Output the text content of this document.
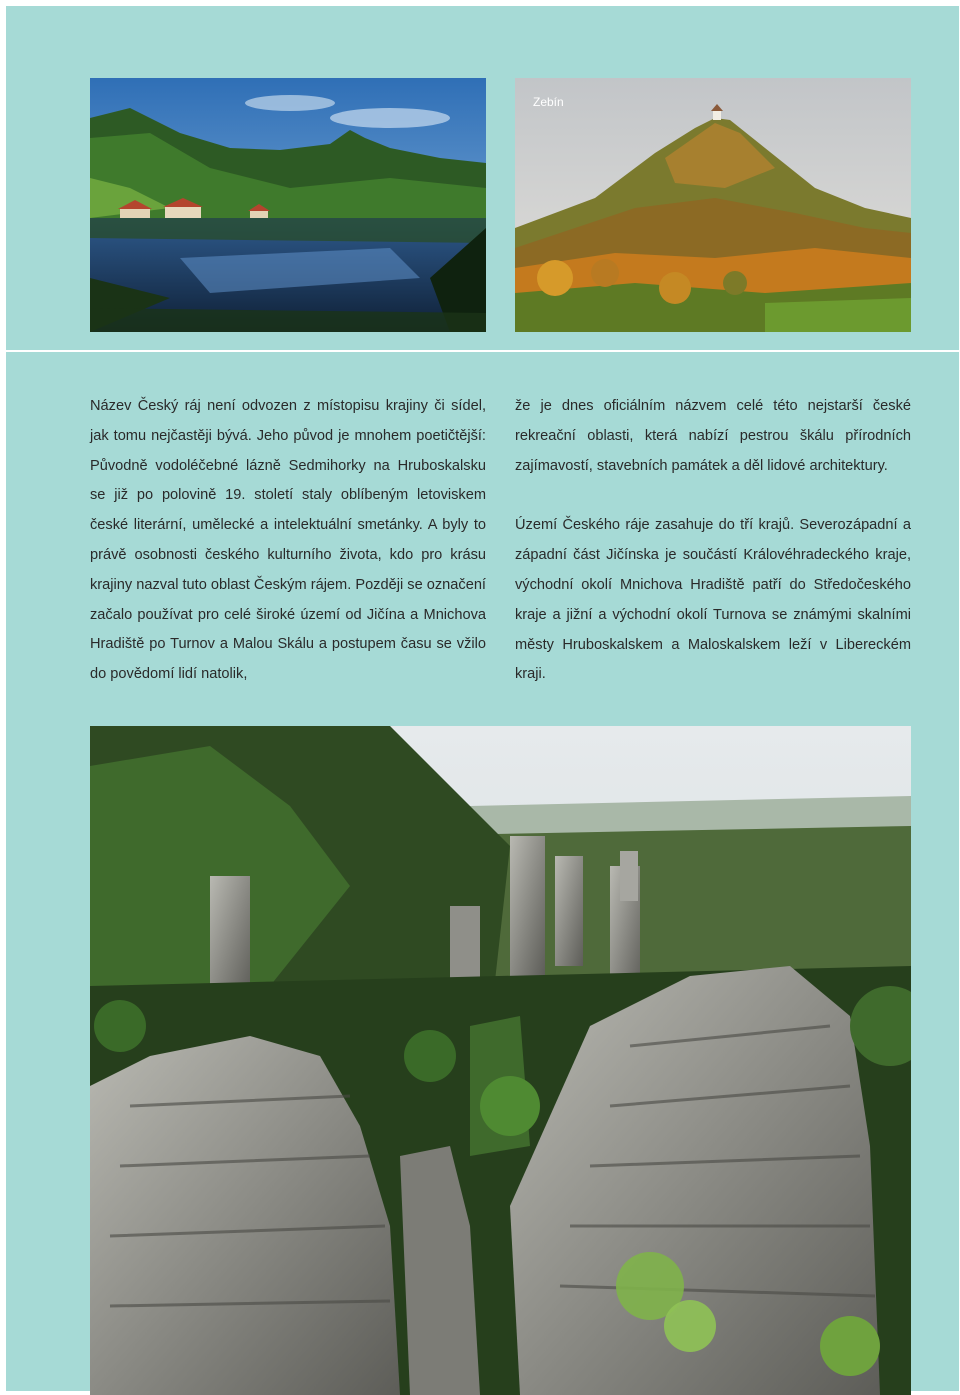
Zebín

Název Český ráj není odvozen z místopisu krajiny či sídel, jak tomu nejčastěji bývá. Jeho původ je mnohem poetičtější: Původně vodoléčebné lázně Sedmihorky na Hruboskalsku se již po polovině 19. století staly oblíbeným letoviskem české literární, umělecké a intelektuální smetánky. A byly to právě osobnosti českého kulturního života, kdo pro krásu krajiny nazval tuto oblast Českým rájem. Později se označení začalo používat pro celé široké území od Jičína a Mnichova Hradiště po Turnov a Malou Skálu a postupem času se vžilo do povědomí lidí natolik,

že je dnes oficiálním názvem celé této nejstarší české rekreační oblasti, která nabízí pestrou škálu přírodních zajímavostí, stavebních památek a děl lidové architektury.

Území Českého ráje zasahuje do tří krajů. Severozápadní a západní část Jičínska je součástí Královéhradeckého kraje, východní okolí Mnichova Hradiště patří do Středočeského kraje a jižní a východní okolí Turnova se známými skalními městy Hruboskalskem a Maloskalskem leží v Libereckém kraji.
